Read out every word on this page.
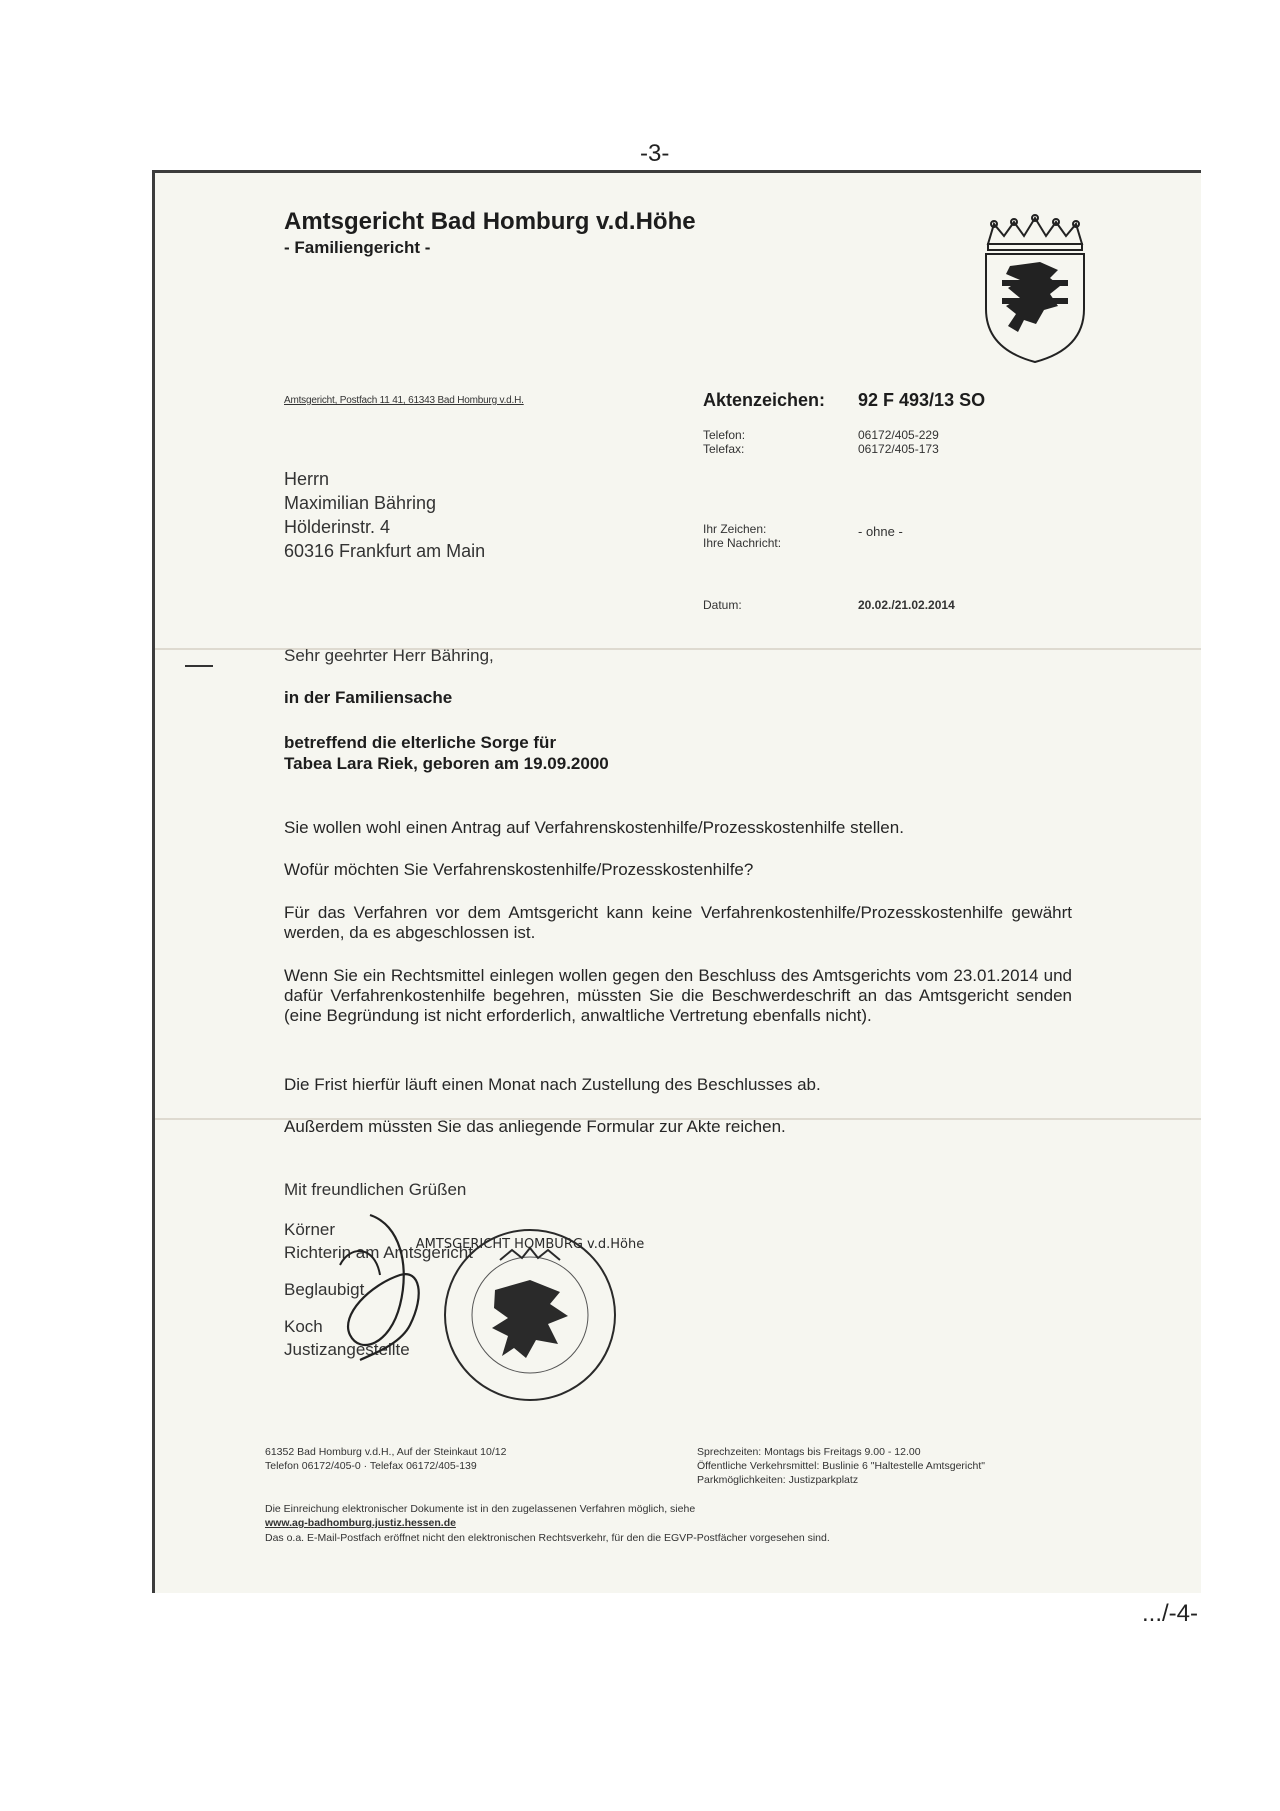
-3-
Amtsgericht Bad Homburg v.d.Höhe
- Familiengericht -
Amtsgericht, Postfach 11 41, 61343 Bad Homburg v.d.H.	Aktenzeichen: 92 F 493/13 SO
Telefon:
Telefax:
06172/405-229
06172/405-173
Ihr Zeichen:
Ihre Nachricht:
- ohne -
Datum:	20.02./21.02.2014
Herrn
Maximilian Bähring
Hölderinstr. 4
60316 Frankfurt am Main
Sehr geehrter Herr Bähring,
in der Familiensache
betreffend die elterliche Sorge für
Tabea Lara Riek, geboren am 19.09.2000
Sie wollen wohl einen Antrag auf Verfahrenskostenhilfe/Prozesskostenhilfe stellen.
Wofür möchten Sie Verfahrenskostenhilfe/Prozesskostenhilfe?
Für das Verfahren vor dem Amtsgericht kann keine Verfahrenkostenhilfe/Prozesskostenhilfe gewährt werden, da es abgeschlossen ist.
Wenn Sie ein Rechtsmittel einlegen wollen gegen den Beschluss des Amtsgerichts vom 23.01.2014 und dafür Verfahrenkostenhilfe begehren, müssten Sie die Beschwerdeschrift an das Amtsgericht senden (eine Begründung ist nicht erforderlich, anwaltliche Vertretung ebenfalls nicht).
Die Frist hierfür läuft einen Monat nach Zustellung des Beschlusses ab.
Außerdem müssten Sie das anliegende Formular zur Akte reichen.
Mit freundlichen Grüßen
Körner
Richterin am Amtsgericht
Beglaubigt
Koch
Justizangestellte
AMTSGERICHT HOMBURG v.d.Höhe
61352 Bad Homburg v.d.H., Auf der Steinkaut 10/12
Telefon 06172/405-0 · Telefax 06172/405-139
Sprechzeiten: Montags bis Freitags 9.00 - 12.00
Öffentliche Verkehrsmittel: Buslinie 6 "Haltestelle Amtsgericht"
Parkmöglichkeiten: Justizparkplatz
Die Einreichung elektronischer Dokumente ist in den zugelassenen Verfahren möglich, siehe
www.ag-badhomburg.justiz.hessen.de
Das o.a. E-Mail-Postfach eröffnet nicht den elektronischen Rechtsverkehr, für den die EGVP-Postfächer vorgesehen sind.
.../-4-
